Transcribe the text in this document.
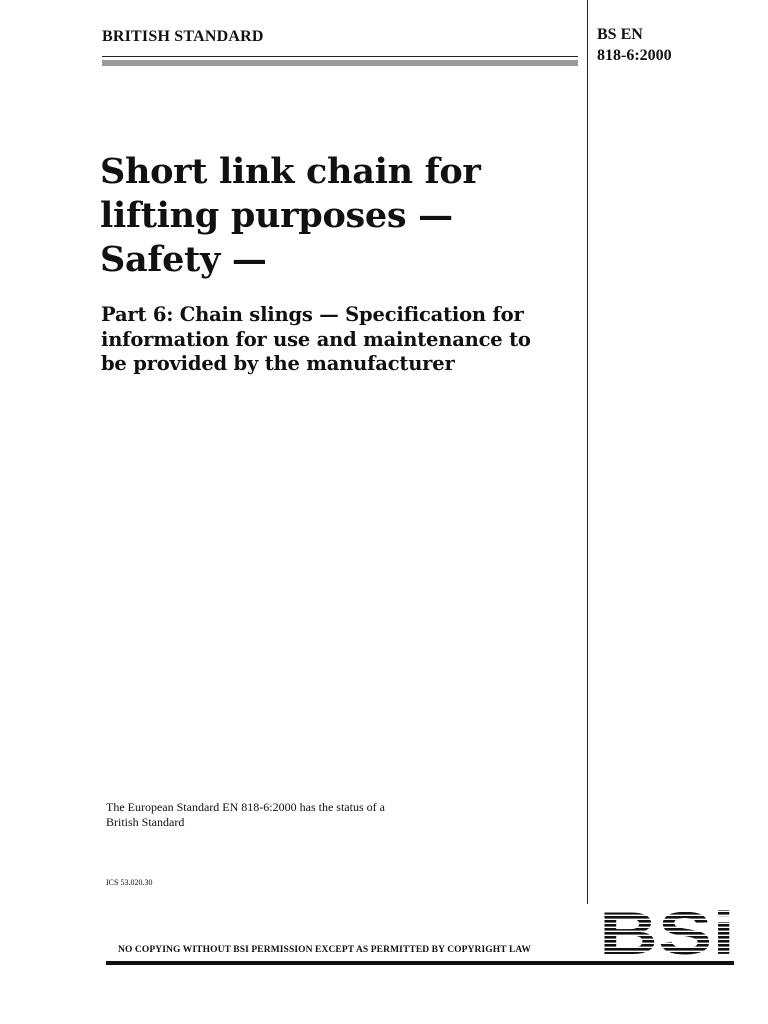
BRITISH STANDARD	BS EN
818-6:2000
Short link chain for
lifting purposes —
Safety —
Part 6: Chain slings — Specification for
information for use and maintenance to
be provided by the manufacturer
The European Standard EN 818-6:2000 has the status of a
British Standard
ICS 53.020.30
NO COPYING WITHOUT BSI PERMISSION EXCEPT AS PERMITTED BY COPYRIGHT LAW
